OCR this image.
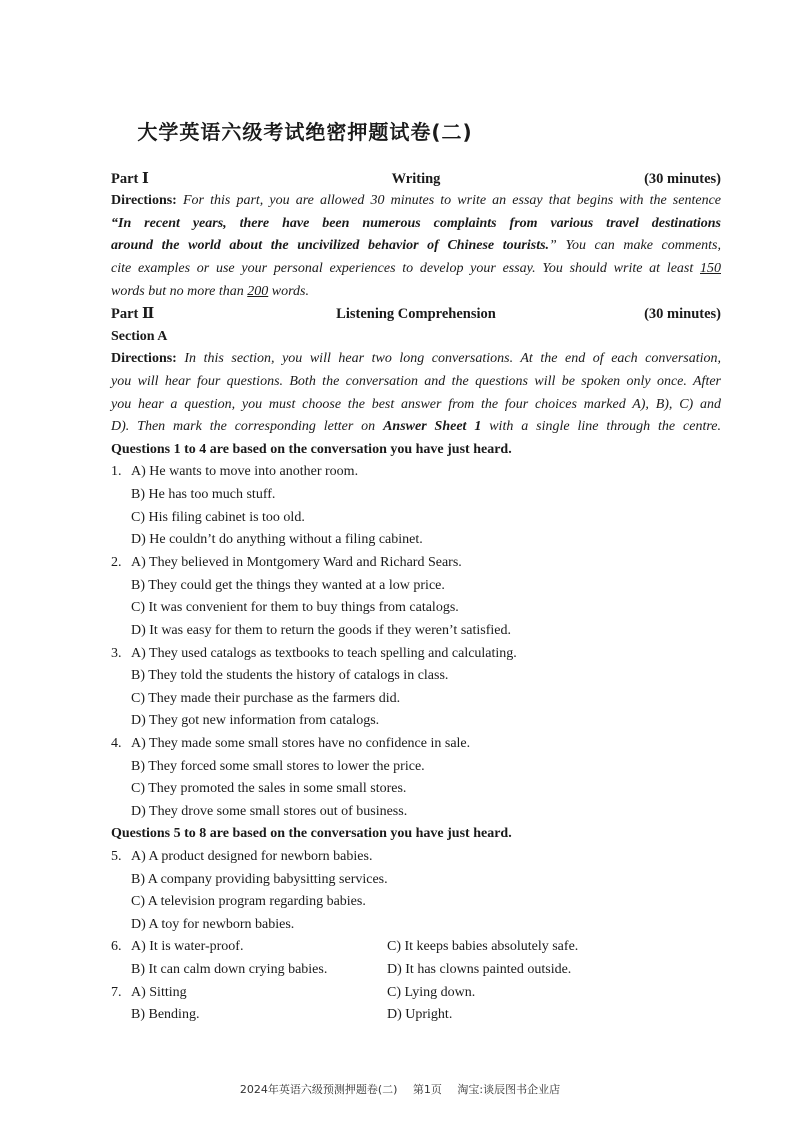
大学英语六级考试绝密押题试卷(二)
Part Ⅰ	Writing	(30 minutes)
Directions: For this part, you are allowed 30 minutes to write an essay that begins with the sentence
“In recent years, there have been numerous complaints from various travel destinations
around the world about the uncivilized behavior of Chinese tourists.” You can make comments,
cite examples or use your personal experiences to develop your essay. You should write at least 150
words but no more than 200 words.
Part Ⅱ	Listening Comprehension	(30 minutes)
Section A
Directions: In this section, you will hear two long conversations. At the end of each conversation,
you will hear four questions. Both the conversation and the questions will be spoken only once. After
you hear a question, you must choose the best answer from the four choices marked A), B), C) and
D). Then mark the corresponding letter on Answer Sheet 1 with a single line through the centre.
Questions 1 to 4 are based on the conversation you have just heard.
1. A) He wants to move into another room.
B) He has too much stuff.
C) His filing cabinet is too old.
D) He couldn’t do anything without a filing cabinet.
2. A) They believed in Montgomery Ward and Richard Sears.
B) They could get the things they wanted at a low price.
C) It was convenient for them to buy things from catalogs.
D) It was easy for them to return the goods if they weren’t satisfied.
3. A) They used catalogs as textbooks to teach spelling and calculating.
B) They told the students the history of catalogs in class.
C) They made their purchase as the farmers did.
D) They got new information from catalogs.
4. A) They made some small stores have no confidence in sale.
B) They forced some small stores to lower the price.
C) They promoted the sales in some small stores.
D) They drove some small stores out of business.
Questions 5 to 8 are based on the conversation you have just heard.
5. A) A product designed for newborn babies.
B) A company providing babysitting services.
C) A television program regarding babies.
D) A toy for newborn babies.
6. A) It is water-proof.	C) It keeps babies absolutely safe.
B) It can calm down crying babies.	D) It has clowns painted outside.
7. A) Sitting	C) Lying down.
B) Bending.	D) Upright.
2024年英语六级预测押题卷(二) 第1页 淘宝:谈辰图书企业店
